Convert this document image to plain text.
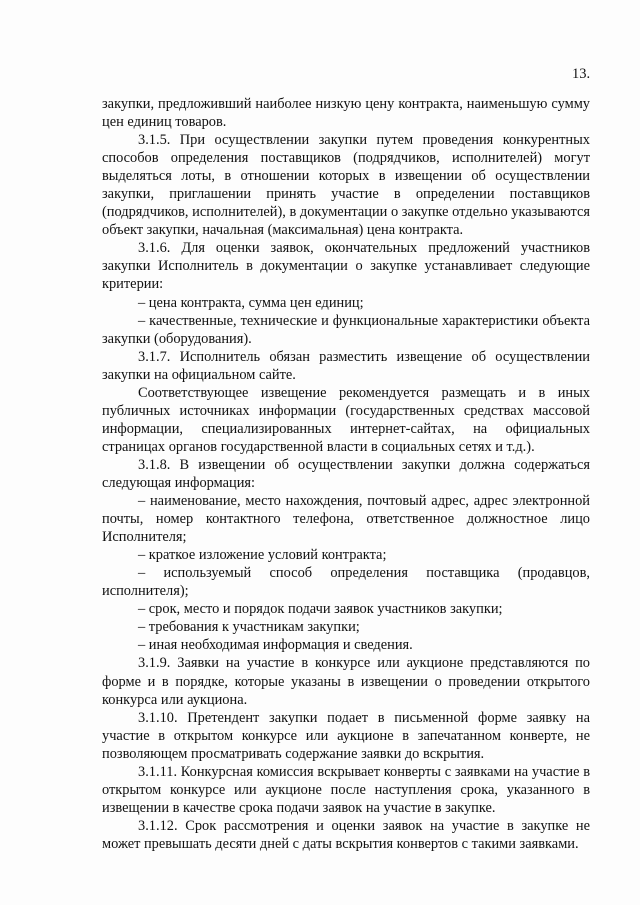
13.

закупки, предложивший наиболее низкую цену контракта, наименьшую сумму цен единиц товаров.

3.1.5. При осуществлении закупки путем проведения конкурентных способов определения поставщиков (подрядчиков, исполнителей) могут выделяться лоты, в отношении которых в извещении об осуществлении закупки, приглашении принять участие в определении поставщиков (подрядчиков, исполнителей), в документации о закупке отдельно указываются объект закупки, начальная (максимальная) цена контракта.

3.1.6. Для оценки заявок, окончательных предложений участников закупки Исполнитель в документации о закупке устанавливает следующие критерии:

– цена контракта, сумма цен единиц;

– качественные, технические и функциональные характеристики объекта закупки (оборудования).

3.1.7. Исполнитель обязан разместить извещение об осуществлении закупки на официальном сайте.

Соответствующее извещение рекомендуется размещать и в иных публичных источниках информации (государственных средствах массовой информации, специализированных интернет-сайтах, на официальных страницах органов государственной власти в социальных сетях и т.д.).

3.1.8. В извещении об осуществлении закупки должна содержаться следующая информация:

– наименование, место нахождения, почтовый адрес, адрес электронной почты, номер контактного телефона, ответственное должностное лицо Исполнителя;

– краткое изложение условий контракта;

– используемый способ определения поставщика (продавцов, исполнителя);

– срок, место и порядок подачи заявок участников закупки;

– требования к участникам закупки;

– иная необходимая информация и сведения.

3.1.9. Заявки на участие в конкурсе или аукционе представляются по форме и в порядке, которые указаны в извещении о проведении открытого конкурса или аукциона.

3.1.10. Претендент закупки подает в письменной форме заявку на участие в открытом конкурсе или аукционе в запечатанном конверте, не позволяющем просматривать содержание заявки до вскрытия.

3.1.11. Конкурсная комиссия вскрывает конверты с заявками на участие в открытом конкурсе или аукционе после наступления срока, указанного в извещении в качестве срока подачи заявок на участие в закупке.

3.1.12. Срок рассмотрения и оценки заявок на участие в закупке не может превышать десяти дней с даты вскрытия конвертов с такими заявками.
